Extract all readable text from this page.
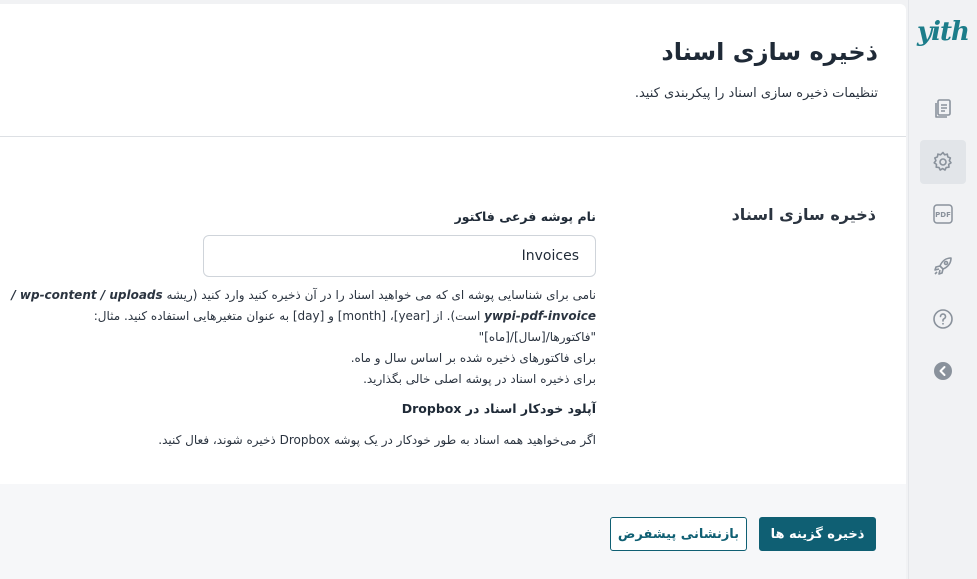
ذخیره سازی اسناد

تنظیمات ذخیره سازی اسناد را پیکربندی کنید.

ذخیره سازی اسناد
نام پوشه فرعی فاکتور
Invoices
نامی برای شناسایی پوشه ای که می خواهید اسناد را در آن ذخیره کنید وارد کنید (ریشه wp-content / uploads /
ywpi-pdf-invoice است). از [year]، [month] و [day] به عنوان متغیرهایی استفاده کنید. مثال: "فاکتورها/[سال]/[ماه]"
برای فاکتورهای ذخیره شده بر اساس سال و ماه.
برای ذخیره اسناد در پوشه اصلی خالی بگذارید.
آپلود خودکار اسناد در Dropbox
اگر می‌خواهید همه اسناد به طور خودکار در یک پوشه Dropbox ذخیره شوند، فعال کنید.
ذخیره گزینه ها
بازنشانی پیشفرض
yith
PDF
